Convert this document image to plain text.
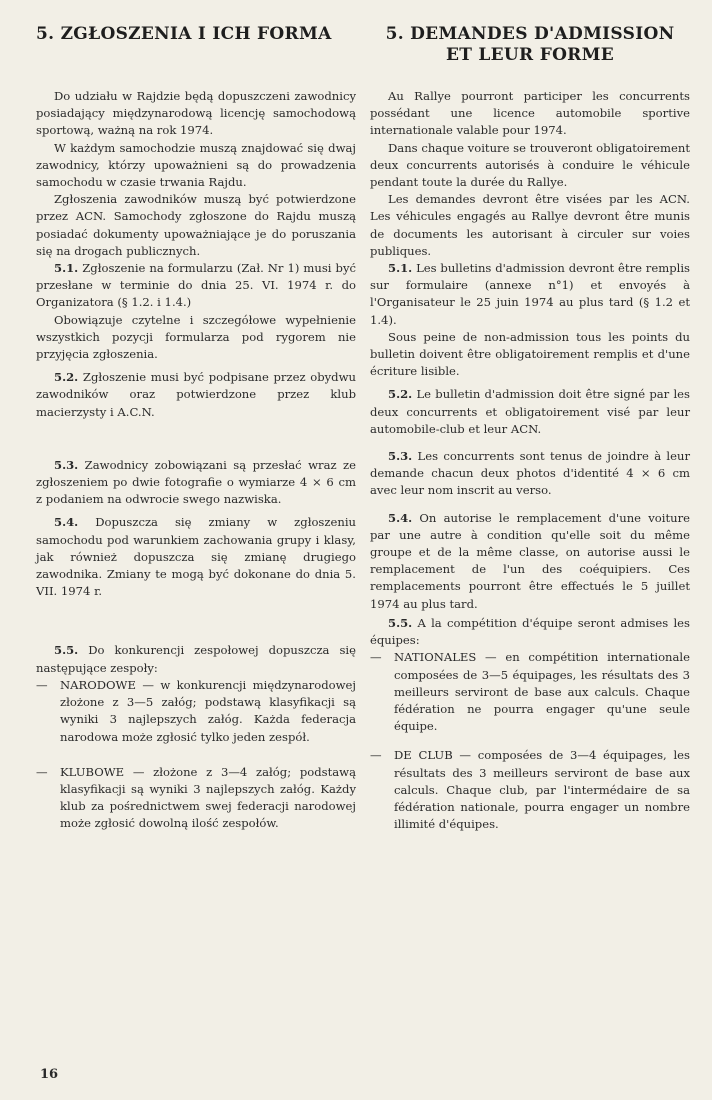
5. ZGŁOSZENIA I ICH FORMA

Do udziału w Rajdzie będą dopuszczeni zawodnicy posiadający międzynarodową licencję samochodową sportową, ważną na rok 1974.

W każdym samochodzie muszą znajdować się dwaj zawodnicy, którzy upoważnieni są do prowadzenia samochodu w czasie trwania Rajdu.

Zgłoszenia zawodników muszą być potwierdzone przez ACN. Samochody zgłoszone do Rajdu muszą posiadać dokumenty upoważniające je do poruszania się na drogach publicznych.

5.1. Zgłoszenie na formularzu (Zał. Nr 1) musi być przesłane w terminie do dnia 25. VI. 1974 r. do Organizatora (§ 1.2. i 1.4.)

Obowiązuje czytelne i szczegółowe wypełnienie wszystkich pozycji formularza pod rygorem nie przyjęcia zgłoszenia.

5.2. Zgłoszenie musi być podpisane przez obydwu zawodników oraz potwierdzone przez klub macierzysty i A.C.N.

5.3. Zawodnicy zobowiązani są przesłać wraz ze zgłoszeniem po dwie fotografie o wymiarze 4 × 6 cm z podaniem na odwrocie swego nazwiska.

5.4. Dopuszcza się zmiany w zgłoszeniu samochodu pod warunkiem zachowania grupy i klasy, jak również dopuszcza się zmianę drugiego zawodnika. Zmiany te mogą być dokonane do dnia 5. VII. 1974 r.

5.5. Do konkurencji zespołowej dopuszcza się następujące zespoły:

—	NARODOWE — w konkurencji międzynarodowej złożone z 3—5 załóg; podstawą klasyfikacji są wyniki 3 najlepszych załóg. Każda federacja narodowa może zgłosić tylko jeden zespół.
—	KLUBOWE — złożone z 3—4 załóg; podstawą klasyfikacji są wyniki 3 najlepszych załóg. Każdy klub za pośrednictwem swej federacji narodowej może zgłosić dowolną ilość zespołów.
5. DEMANDES D'ADMISSION ET LEUR FORME

Au Rallye pourront participer les concurrents possédant une licence automobile sportive internationale valable pour 1974.

Dans chaque voiture se trouveront obligatoirement deux concurrents autorisés à conduire le véhicule pendant toute la durée du Rallye.

Les demandes devront être visées par les ACN. Les véhicules engagés au Rallye devront être munis de documents les autorisant à circuler sur voies publiques.

5.1. Les bulletins d'admission devront être remplis sur formulaire (annexe n°1) et envoyés à l'Organisateur le 25 juin 1974 au plus tard (§ 1.2 et 1.4).

Sous peine de non-admission tous les points du bulletin doivent être obligatoirement remplis et d'une écriture lisible.

5.2. Le bulletin d'admission doit être signé par les deux concurrents et obligatoirement visé par leur automobile-club et leur ACN.

5.3. Les concurrents sont tenus de joindre à leur demande chacun deux photos d'identité 4 × 6 cm avec leur nom inscrit au verso.

5.4. On autorise le remplacement d'une voiture par une autre à condition qu'elle soit du même groupe et de la même classe, on autorise aussi le remplacement de l'un des coéquipiers. Ces remplacements pourront être effectués le 5 juillet 1974 au plus tard.

5.5. A la compétition d'équipe seront admises les équipes:

—	NATIONALES — en compétition internationale composées de 3—5 équipages, les résultats des 3 meilleurs serviront de base aux calculs. Chaque fédération ne pourra engager qu'une seule équipe.
—	DE CLUB — composées de 3—4 équipages, les résultats des 3 meilleurs serviront de base aux calculs. Chaque club, par l'intermédaire de sa fédération nationale, pourra engager un nombre illimité d'équipes.
16
